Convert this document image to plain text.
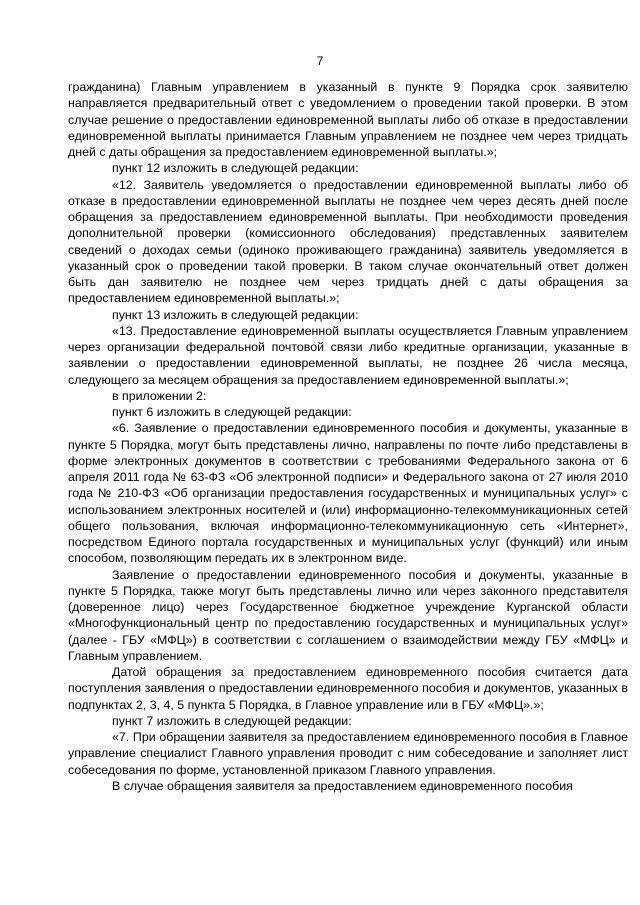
7

гражданина) Главным управлением в указанный в пункте 9 Порядка срок заявителю направляется предварительный ответ с уведомлением о проведении такой проверки. В этом случае решение о предоставлении единовременной выплаты либо об отказе в предоставлении единовременной выплаты принимается Главным управлением не позднее чем через тридцать дней с даты обращения за предоставлением единовременной выплаты.»;

пункт 12 изложить в следующей редакции:

«12. Заявитель уведомляется о предоставлении единовременной выплаты либо об отказе в предоставлении единовременной выплаты не позднее чем через десять дней после обращения за предоставлением единовременной выплаты. При необходимости проведения дополнительной проверки (комиссионного обследования) представленных заявителем сведений о доходах семьи (одиноко проживающего гражданина) заявитель уведомляется в указанный срок о проведении такой проверки. В таком случае окончательный ответ должен быть дан заявителю не позднее чем через тридцать дней с даты обращения за предоставлением единовременной выплаты.»;

пункт 13 изложить в следующей редакции:

«13. Предоставление единовременной выплаты осуществляется Главным управлением через организации федеральной почтовой связи либо кредитные организации, указанные в заявлении о предоставлении единовременной выплаты, не позднее 26 числа месяца, следующего за месяцем обращения за предоставлением единовременной выплаты.»;

в приложении 2:

пункт 6 изложить в следующей редакции:

«6. Заявление о предоставлении единовременного пособия и документы, указанные в пункте 5 Порядка, могут быть представлены лично, направлены по почте либо представлены в форме электронных документов в соответствии с требованиями Федерального закона от 6 апреля 2011 года № 63-ФЗ «Об электронной подписи» и Федерального закона от 27 июля 2010 года № 210-ФЗ «Об организации предоставления государственных и муниципальных услуг» с использованием электронных носителей и (или) информационно-телекоммуникационных сетей общего пользования, включая информационно-телекоммуникационную сеть «Интернет», посредством Единого портала государственных и муниципальных услуг (функций) или иным способом, позволяющим передать их в электронном виде.

Заявление о предоставлении единовременного пособия и документы, указанные в пункте 5 Порядка, также могут быть представлены лично или через законного представителя (доверенное лицо) через Государственное бюджетное учреждение Курганской области «Многофункциональный центр по предоставлению государственных и муниципальных услуг» (далее - ГБУ «МФЦ») в соответствии с соглашением о взаимодействии между ГБУ «МФЦ» и Главным управлением.

Датой обращения за предоставлением единовременного пособия считается дата поступления заявления о предоставлении единовременного пособия и документов, указанных в подпунктах 2, 3, 4, 5 пункта 5 Порядка, в Главное управление или в ГБУ «МФЦ».»;

пункт 7 изложить в следующей редакции:

«7. При обращении заявителя за предоставлением единовременного пособия в Главное управление специалист Главного управления проводит с ним собеседование и заполняет лист собеседования по форме, установленной приказом Главного управления.

В случае обращения заявителя за предоставлением единовременного пособия
